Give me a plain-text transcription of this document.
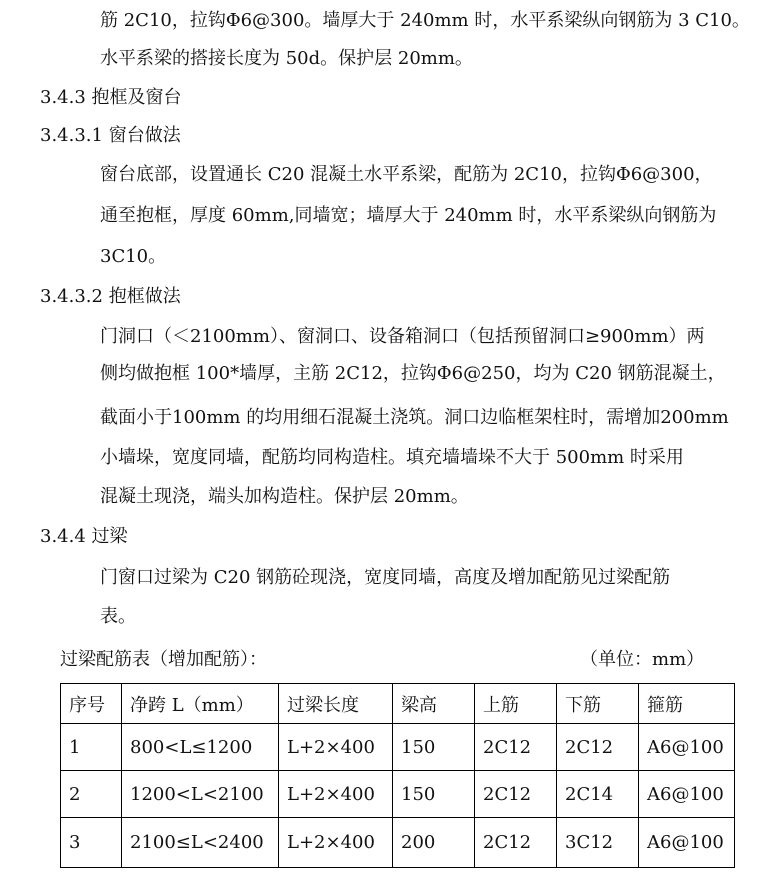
筋 2C10，拉钩Φ6@300。墙厚大于 240mm 时，水平系梁纵向钢筋为 3 C10。
水平系梁的搭接长度为 50d。保护层 20mm。
3.4.3 抱框及窗台
3.4.3.1 窗台做法
窗台底部，设置通长 C20 混凝土水平系梁，配筋为 2C10，拉钩Φ6@300，
通至抱框，厚度 60mm,同墙宽；墙厚大于 240mm 时，水平系梁纵向钢筋为
3C10。
3.4.3.2 抱框做法
门洞口（＜2100mm）、窗洞口、设备箱洞口（包括预留洞口≥900mm）两
侧均做抱框 100*墙厚，主筋 2C12，拉钩Φ6@250，均为 C20 钢筋混凝土，
截面小于100mm 的均用细石混凝土浇筑。洞口边临框架柱时，需增加200mm
小墙垛，宽度同墙，配筋均同构造柱。填充墙墙垛不大于 500mm 时采用
混凝土现浇，端头加构造柱。保护层 20mm。
3.4.4 过梁
门窗口过梁为 C20 钢筋砼现浇，宽度同墙，高度及增加配筋见过梁配筋
表。
过梁配筋表（增加配筋）：	（单位：mm）
序号	净跨 L（mm）	过梁长度	梁高	上筋	下筋	箍筋
1	800<L≤1200	L+2×400	150	2C12	2C12	A6@100
2	1200<L<2100	L+2×400	150	2C12	2C14	A6@100
3	2100≤L<2400	L+2×400	200	2C12	3C12	A6@100
